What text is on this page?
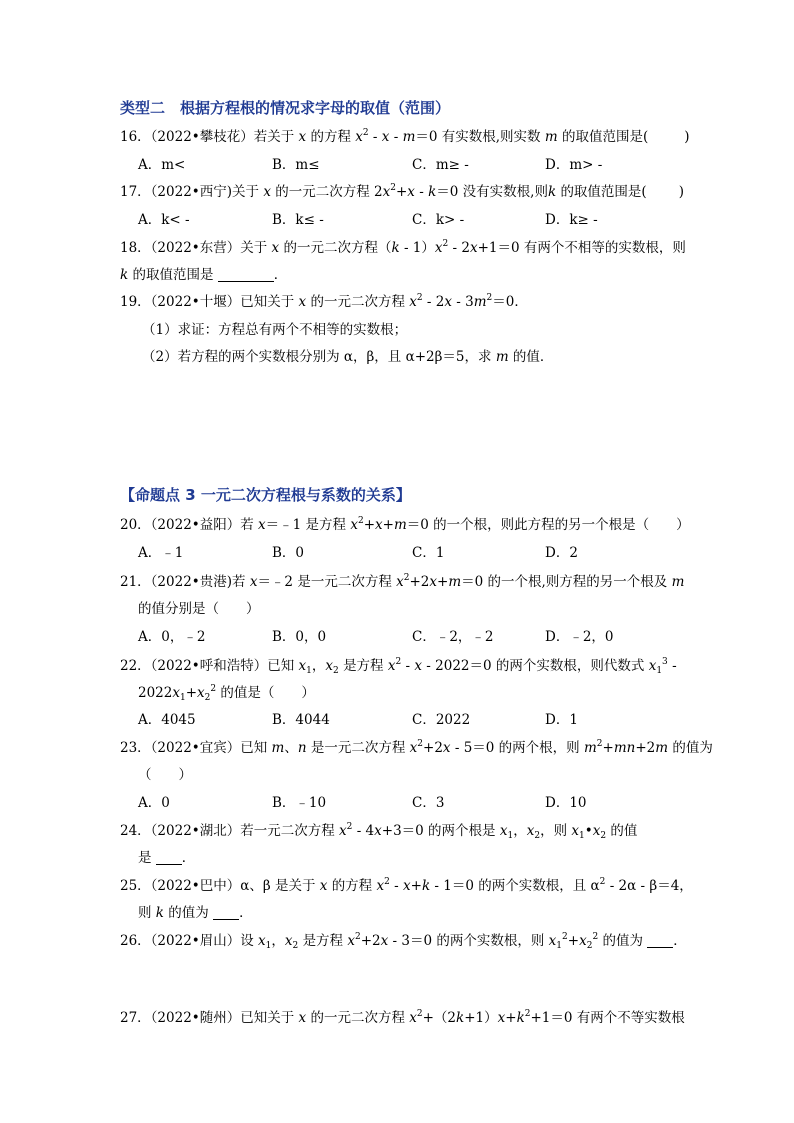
类型二　根据方程根的情况求字母的取值（范围）
16．（2022•攀枝花）若关于 x 的方程 $x^2 - x - m=0$ 有实数根,则实数 m 的取值范围是(	)
A．m<	B．m≤	C．m≥ -	D．m> -
17．（2022•西宁)关于 x 的一元二次方程 $2x^2+x - k=0$ 没有实数根,则k 的取值范围是( )
A．k< -	B．k≤ -	C．k> -	D．k≥ -
18．（2022•东营）关于 x 的一元二次方程$(k - 1)x^2 - 2x+1=0$ 有两个不相等的实数根，则
k 的取值范围是	．
19．（2022•十堰）已知关于 x 的一元二次方程 $x^2 - 2x - 3m^2=0$．
（1）求证：方程总有两个不相等的实数根；
（2）若方程的两个实数根分别为 α，β，且 α+2β＝5，求 m 的值．
【命题点 3 一元二次方程根与系数的关系】
20．（2022•益阳）若 x＝﹣1 是方程 $x^2+x+m=0$ 的一个根，则此方程的另一个根是（　　）
A．﹣1	B．0	C．1	D．2
21．（2022•贵港)若 x＝﹣2 是一元二次方程 $x^2+2x+m=0$ 的一个根,则方程的另一个根及 m
的值分别是（　　）
A．0，﹣2	B．0，0	C．﹣2，﹣2	D．﹣2，0
22．（2022•呼和浩特）已知 $x_1$，$x_2$ 是方程 $x^2 - x - 2022=0$ 的两个实数根，则代数式 $x_1^3$ -
$2022x_1+x_2^2$ 的值是（　　）
A．4045	B．4044	C．2022	D．1
23．（2022•宜宾）已知 m、n 是一元二次方程 $x^2+2x - 5=0$ 的两个根，则 $m^2+mn+2m$ 的值为
（　　）
A．0	B．﹣10	C．3	D．10
24．（2022•湖北）若一元二次方程 $x^2 - 4x+3=0$ 的两个根是 $x_1$，$x_2$，则 $x_1•x_2$ 的值
是 ．
25．（2022•巴中）α、β 是关于 x 的方程 $x^2 - x+k - 1=0$ 的两个实数根，且 $\alpha^2 - 2\alpha - \beta=4$，
则 k 的值为 ．
26．（2022•眉山）设 $x_1$，$x_2$ 是方程 $x^2+2x - 3=0$ 的两个实数根，则 $x_1^2+x_2^2$ 的值为 ．
27．（2022•随州）已知关于 x 的一元二次方程 $x^2+(2k+1)x+k^2+1=0$ 有两个不等实数根
